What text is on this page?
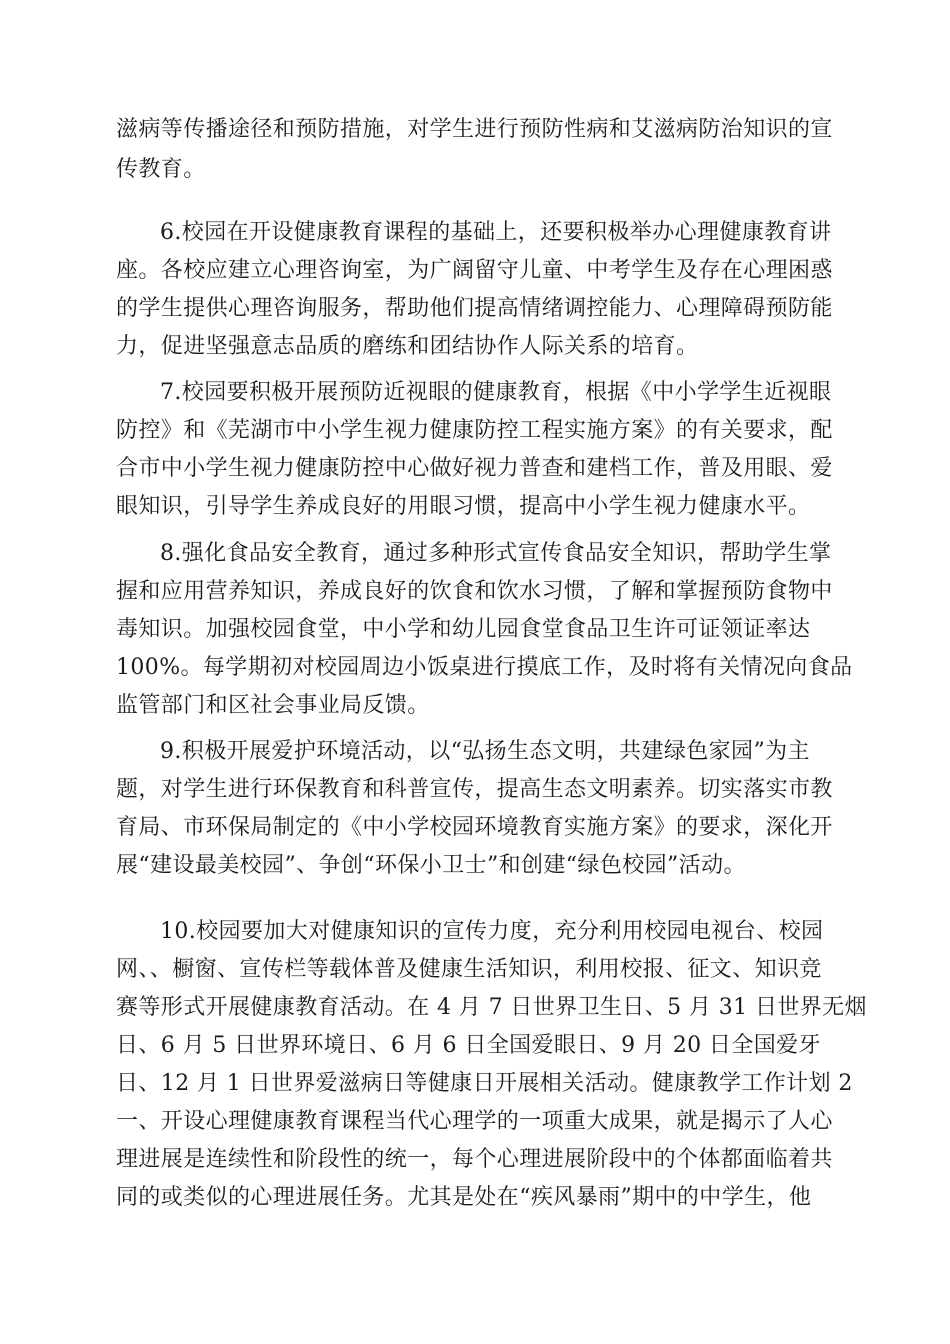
滋病等传播途径和预防措施，对学生进行预防性病和艾滋病防治知识的宣
传教育。
6.校园在开设健康教育课程的基础上，还要积极举办心理健康教育讲
座。各校应建立心理咨询室，为广阔留守儿童、中考学生及存在心理困惑
的学生提供心理咨询服务，帮助他们提高情绪调控能力、心理障碍预防能
力，促进坚强意志品质的磨练和团结协作人际关系的培育。
7.校园要积极开展预防近视眼的健康教育，根据《中小学学生近视眼
防控》和《芜湖市中小学生视力健康防控工程实施方案》的有关要求，配
合市中小学生视力健康防控中心做好视力普查和建档工作，普及用眼、爱
眼知识，引导学生养成良好的用眼习惯，提高中小学生视力健康水平。
8.强化食品安全教育，通过多种形式宣传食品安全知识，帮助学生掌
握和应用营养知识，养成良好的饮食和饮水习惯，了解和掌握预防食物中
毒知识。加强校园食堂，中小学和幼儿园食堂食品卫生许可证领证率达
100%。每学期初对校园周边小饭桌进行摸底工作，及时将有关情况向食品
监管部门和区社会事业局反馈。
9.积极开展爱护环境活动，以“弘扬生态文明，共建绿色家园”为主
题，对学生进行环保教育和科普宣传，提高生态文明素养。切实落实市教
育局、市环保局制定的《中小学校园环境教育实施方案》的要求，深化开
展“建设最美校园”、争创“环保小卫士”和创建“绿色校园”活动。
10.校园要加大对健康知识的宣传力度，充分利用校园电视台、校园
网、、橱窗、宣传栏等载体普及健康生活知识，利用校报、征文、知识竞
赛等形式开展健康教育活动。在 4 月 7 日世界卫生日、5 月 31 日世界无烟
日、6 月 5 日世界环境日、6 月 6 日全国爱眼日、9 月 20 日全国爱牙
日、12 月 1 日世界爱滋病日等健康日开展相关活动。健康教学工作计划 2
一、开设心理健康教育课程当代心理学的一项重大成果，就是揭示了人心
理进展是连续性和阶段性的统一，每个心理进展阶段中的个体都面临着共
同的或类似的心理进展任务。尤其是处在“疾风暴雨”期中的中学生，他
